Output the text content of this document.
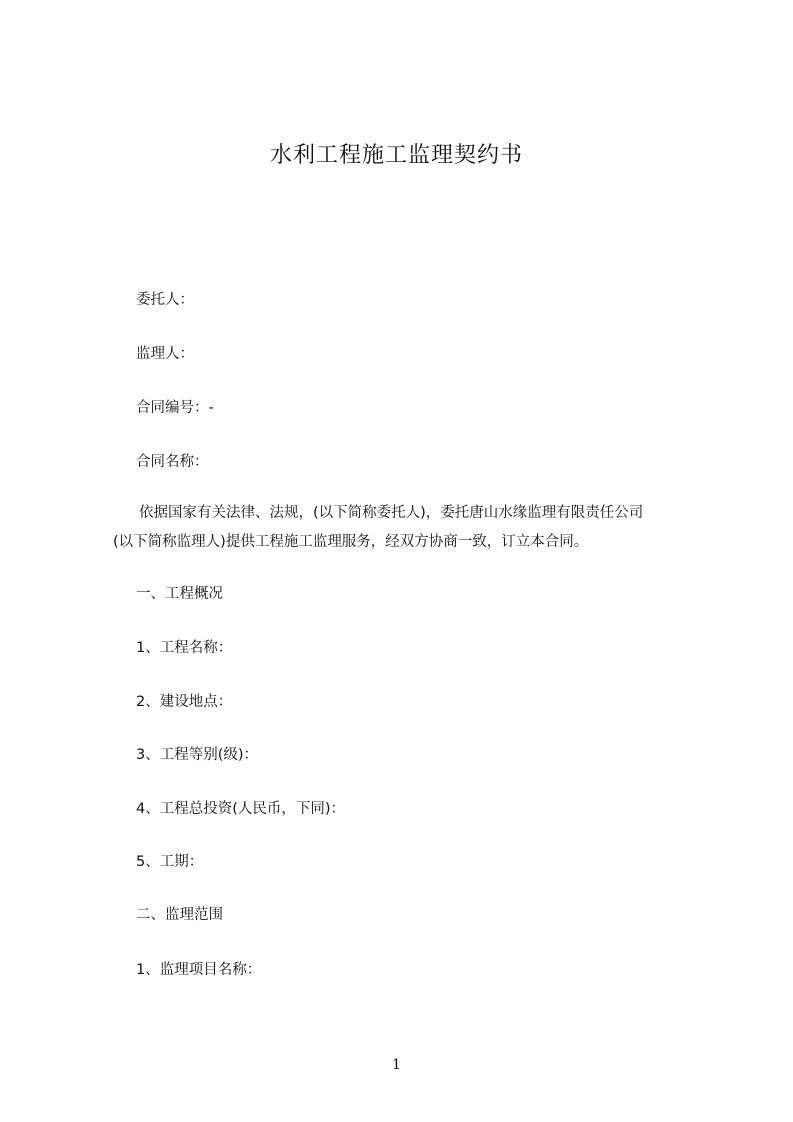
水利工程施工监理契约书
委托人：
监理人：
合同编号：-
合同名称：
依据国家有关法律、法规，(以下简称委托人)，委托唐山水缘监理有限责任公司
(以下简称监理人)提供工程施工监理服务，经双方协商一致，订立本合同。
一、工程概况
1、工程名称：
2、建设地点：
3、工程等别(级)：
4、工程总投资(人民币，下同)：
5、工期：
二、监理范围
1、监理项目名称：
1
